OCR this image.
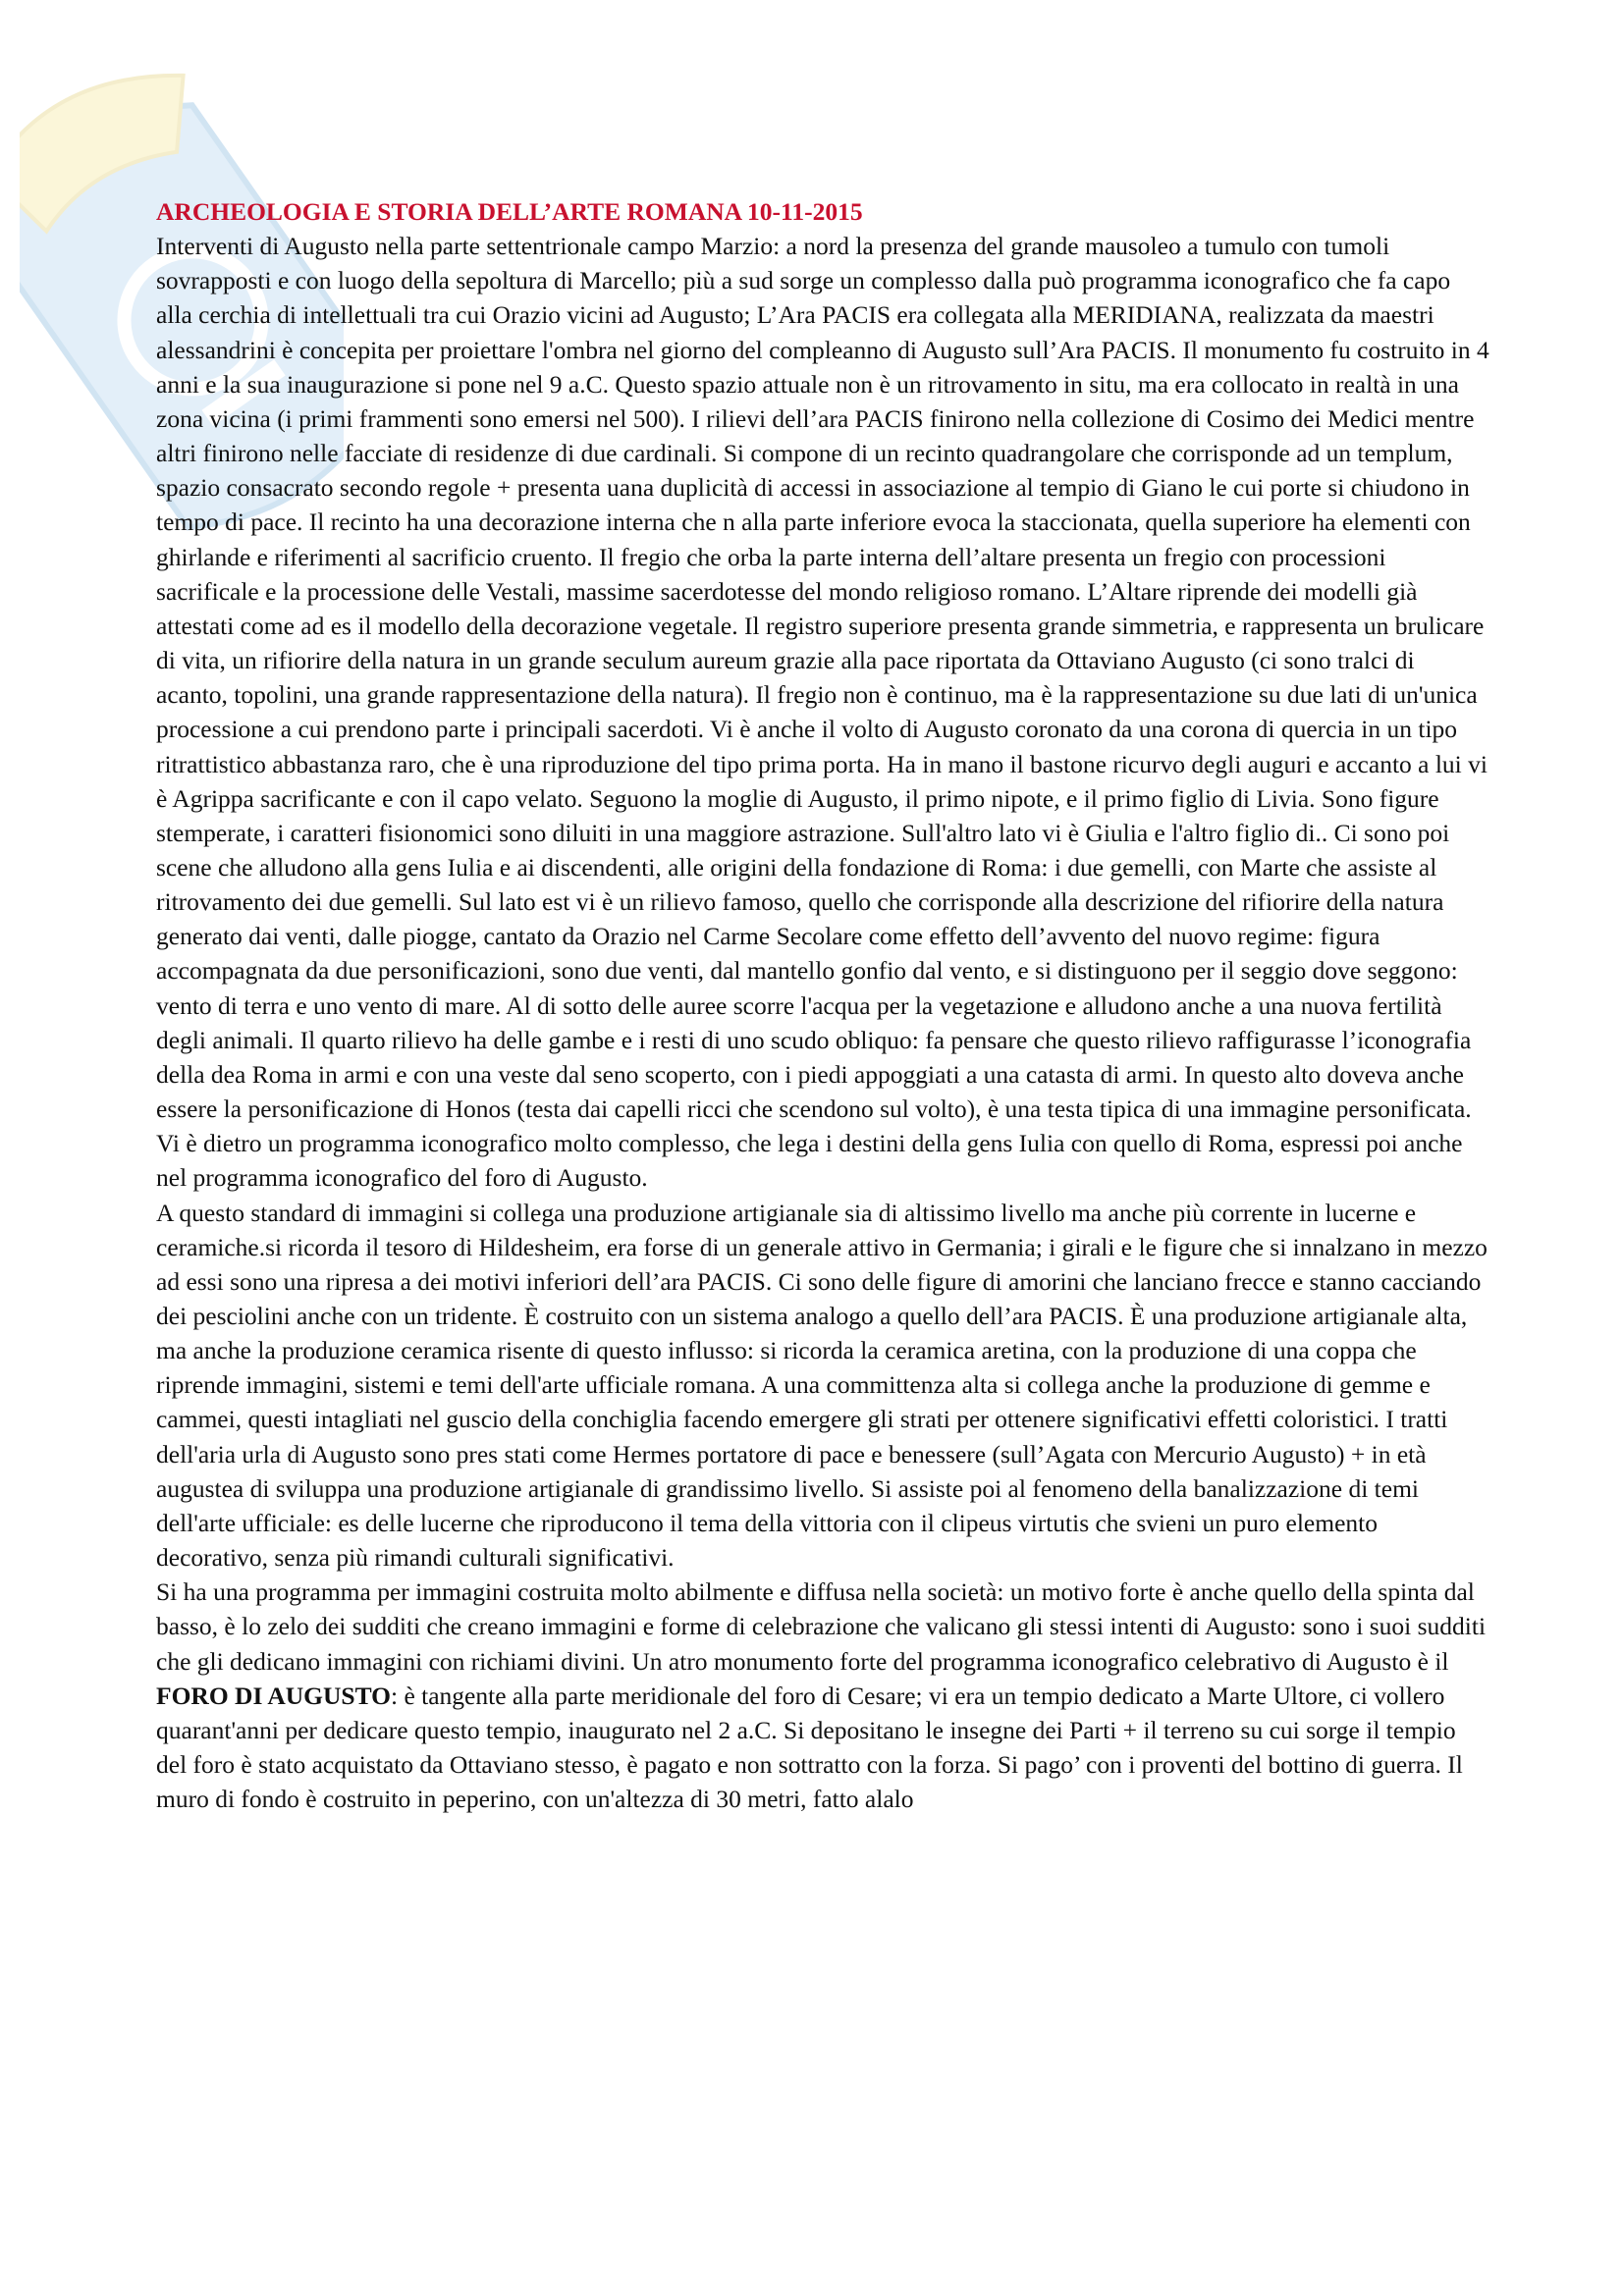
ARCHEOLOGIA E STORIA DELL’ARTE ROMANA 10-11-2015

Interventi di Augusto nella parte settentrionale campo Marzio: a nord la presenza del grande mausoleo a tumulo con tumoli sovrapposti e con luogo della sepoltura di Marcello; più a sud sorge un complesso dalla può programma iconografico che fa capo alla cerchia di intellettuali tra cui Orazio vicini ad Augusto; L’Ara PACIS era collegata alla MERIDIANA, realizzata da maestri alessandrini è concepita per proiettare l'ombra nel giorno del compleanno di Augusto sull’Ara PACIS. Il monumento fu costruito in 4 anni e la sua inaugurazione si pone nel 9 a.C. Questo spazio attuale non è un ritrovamento in situ, ma era collocato in realtà in una zona vicina (i primi frammenti sono emersi nel 500). I rilievi dell’ara PACIS finirono nella collezione di Cosimo dei Medici mentre altri finirono nelle facciate di residenze di due cardinali. Si compone di un recinto quadrangolare che corrisponde ad un templum, spazio consacrato secondo regole + presenta uana duplicità di accessi in associazione al tempio di Giano le cui porte si chiudono in tempo di pace. Il recinto ha una decorazione interna che n alla parte inferiore evoca la staccionata, quella superiore ha elementi con ghirlande e riferimenti al sacrificio cruento. Il fregio che orba la parte interna dell’altare presenta un fregio con processioni sacrificale e la processione delle Vestali, massime sacerdotesse del mondo religioso romano. L’Altare riprende dei modelli già attestati come ad es il modello della decorazione vegetale. Il registro superiore presenta grande simmetria, e rappresenta un brulicare di vita, un rifiorire della natura in un grande seculum aureum grazie alla pace riportata da Ottaviano Augusto (ci sono tralci di acanto, topolini, una grande rappresentazione della natura). Il fregio non è continuo, ma è la rappresentazione su due lati di un'unica processione a cui prendono parte i principali sacerdoti. Vi è anche il volto di Augusto coronato da una corona di quercia in un tipo ritrattistico abbastanza raro, che è una riproduzione del tipo prima porta. Ha in mano il bastone ricurvo degli auguri e accanto a lui vi è Agrippa sacrificante e con il capo velato. Seguono la moglie di Augusto, il primo nipote, e il primo figlio di Livia. Sono figure stemperate, i caratteri fisionomici sono diluiti in una maggiore astrazione. Sull'altro lato vi è Giulia e l'altro figlio di.. Ci sono poi scene che alludono alla gens Iulia e ai discendenti, alle origini della fondazione di Roma: i due gemelli, con Marte che assiste al ritrovamento dei due gemelli. Sul lato est vi è un rilievo famoso, quello che corrisponde alla descrizione del rifiorire della natura generato dai venti, dalle piogge, cantato da Orazio nel Carme Secolare come effetto dell’avvento del nuovo regime: figura accompagnata da due personificazioni, sono due venti, dal mantello gonfio dal vento, e si distinguono per il seggio dove seggono: vento di terra e uno vento di mare. Al di sotto delle auree scorre l'acqua per la vegetazione e alludono anche a una nuova fertilità degli animali. Il quarto rilievo ha delle gambe e i resti di uno scudo obliquo: fa pensare che questo rilievo raffigurasse l’iconografia della dea Roma in armi e con una veste dal seno scoperto, con i piedi appoggiati a una catasta di armi. In questo alto doveva anche essere la personificazione di Honos (testa dai capelli ricci che scendono sul volto), è una testa tipica di una immagine personificata. Vi è dietro un programma iconografico molto complesso, che lega i destini della gens Iulia con quello di Roma, espressi poi anche nel programma iconografico del foro di Augusto.

A questo standard di immagini si collega una produzione artigianale sia di altissimo livello ma anche più corrente in lucerne e ceramiche.si ricorda il tesoro di Hildesheim, era forse di un generale attivo in Germania; i girali e le figure che si innalzano in mezzo ad essi sono una ripresa a dei motivi inferiori dell’ara PACIS. Ci sono delle figure di amorini che lanciano frecce e stanno cacciando dei pesciolini anche con un tridente. È costruito con un sistema analogo a quello dell’ara PACIS. È una produzione artigianale alta, ma anche la produzione ceramica risente di questo influsso: si ricorda la ceramica aretina, con la produzione di una coppa che riprende immagini, sistemi e temi dell'arte ufficiale romana. A una committenza alta si collega anche la produzione di gemme e cammei, questi intagliati nel guscio della conchiglia facendo emergere gli strati per ottenere significativi effetti coloristici. I tratti dell'aria urla di Augusto sono pres stati come Hermes portatore di pace e benessere (sull’Agata con Mercurio Augusto) + in età augustea di sviluppa una produzione artigianale di grandissimo livello. Si assiste poi al fenomeno della banalizzazione di temi dell'arte ufficiale: es delle lucerne che riproducono il tema della vittoria con il clipeus virtutis che svieni un puro elemento decorativo, senza più rimandi culturali significativi.

Si ha una programma per immagini costruita molto abilmente e diffusa nella società: un motivo forte è anche quello della spinta dal basso, è lo zelo dei sudditi che creano immagini e forme di celebrazione che valicano gli stessi intenti di Augusto: sono i suoi sudditi che gli dedicano immagini con richiami divini. Un atro monumento forte del programma iconografico celebrativo di Augusto è il FORO DI AUGUSTO: è tangente alla parte meridionale del foro di Cesare; vi era un tempio dedicato a Marte Ultore, ci vollero quarant'anni per dedicare questo tempio, inaugurato nel 2 a.C. Si depositano le insegne dei Parti + il terreno su cui sorge il tempio del foro è stato acquistato da Ottaviano stesso, è pagato e non sottratto con la forza. Si pago’ con i proventi del bottino di guerra. Il muro di fondo è costruito in peperino, con un'altezza di 30 metri, fatto alalo
